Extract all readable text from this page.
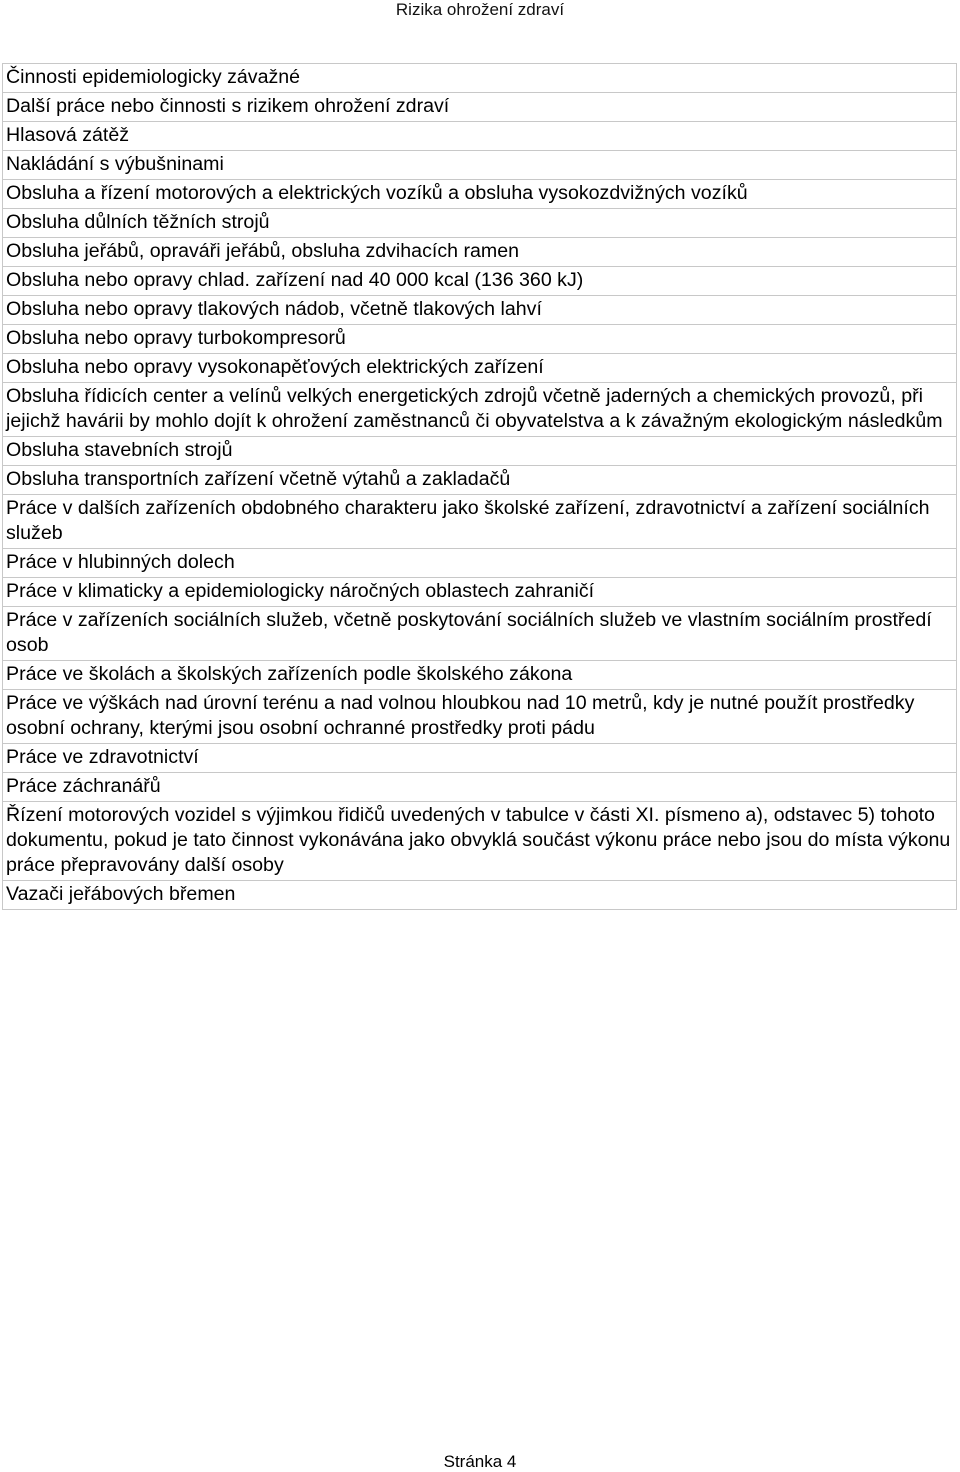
Rizika ohrožení zdraví
Činnosti epidemiologicky závažné
Další práce nebo činnosti s rizikem ohrožení zdraví
Hlasová zátěž
Nakládání s výbušninami
Obsluha a řízení motorových a elektrických vozíků a obsluha vysokozdvižných vozíků
Obsluha důlních těžních strojů
Obsluha jeřábů, opraváři jeřábů, obsluha zdvihacích ramen
Obsluha nebo opravy chlad. zařízení nad 40 000 kcal (136 360 kJ)
Obsluha nebo opravy tlakových nádob, včetně tlakových lahví
Obsluha nebo opravy turbokompresorů
Obsluha nebo opravy vysokonapěťových elektrických zařízení
Obsluha řídicích center a velínů velkých energetických zdrojů včetně jaderných a chemických provozů, při jejichž havárii by mohlo dojít k ohrožení zaměstnanců či obyvatelstva a k závažným ekologickým následkům
Obsluha stavebních strojů
Obsluha transportních zařízení včetně výtahů a zakladačů
Práce v dalších zařízeních obdobného charakteru jako školské zařízení, zdravotnictví a zařízení sociálních služeb
Práce v hlubinných dolech
Práce v klimaticky a epidemiologicky náročných oblastech zahraničí
Práce v zařízeních sociálních služeb, včetně poskytování sociálních služeb ve vlastním sociálním prostředí osob
Práce ve školách a školských zařízeních podle školského zákona
Práce ve výškách nad úrovní terénu a nad volnou hloubkou nad 10 metrů, kdy je nutné použít prostředky osobní ochrany, kterými jsou osobní ochranné prostředky proti pádu
Práce ve zdravotnictví
Práce záchranářů
Řízení motorových vozidel s výjimkou řidičů uvedených v tabulce v části XI. písmeno a), odstavec 5) tohoto dokumentu, pokud je tato činnost vykonávána jako obvyklá součást výkonu práce nebo jsou do místa výkonu práce přepravovány další osoby
Vazači jeřábových břemen
Stránka 4
